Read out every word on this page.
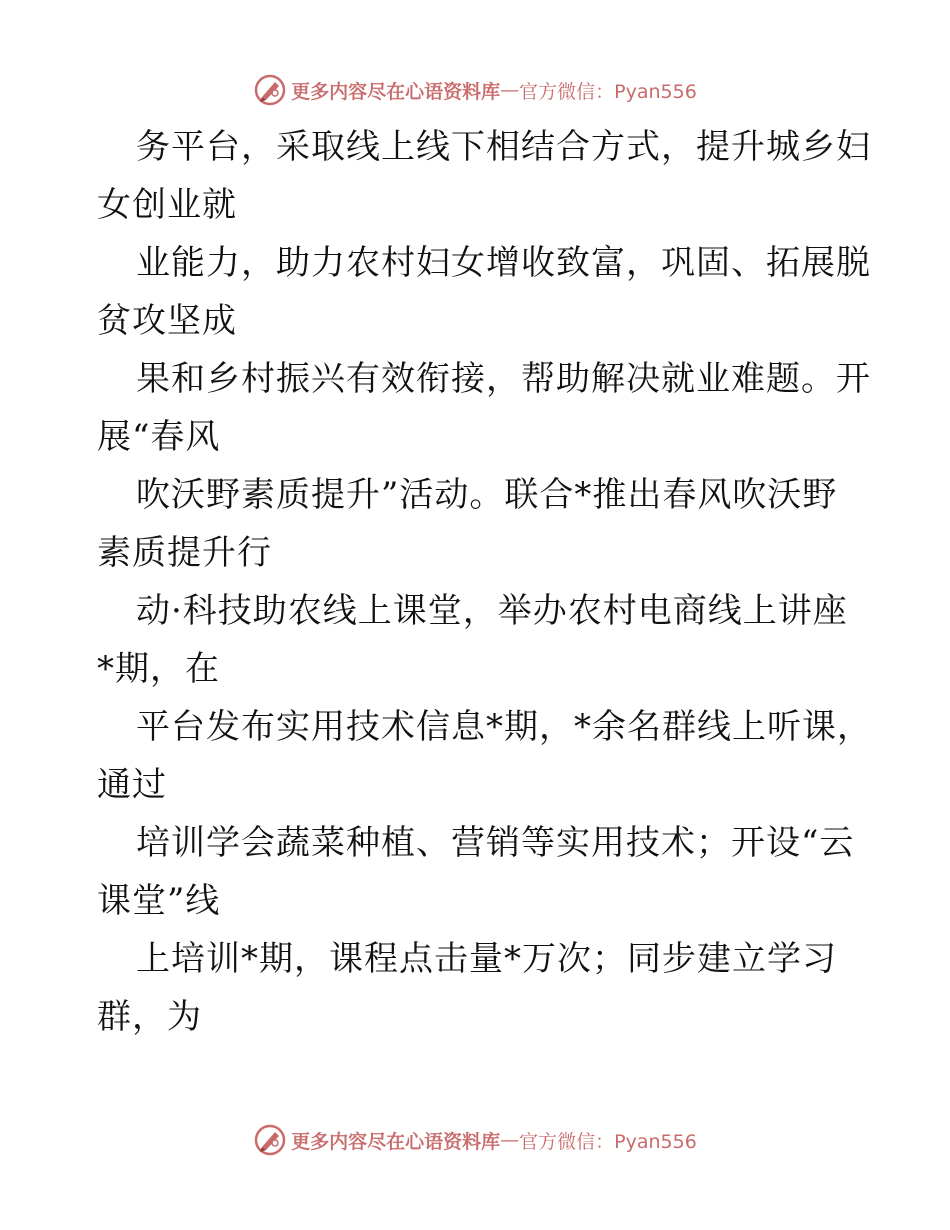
更多内容尽在心语资料库 — 官方微信：Pyan556
务平台，采取线上线下相结合方式，提升城乡妇
女创业就
业能力，助力农村妇女增收致富，巩固、拓展脱
贫攻坚成
果和乡村振兴有效衔接，帮助解决就业难题。开
展“春风
吹沃野素质提升”活动。联合*推出春风吹沃野
素质提升行
动·科技助农线上课堂，举办农村电商线上讲座
*期，在
平台发布实用技术信息*期，*余名群线上听课，
通过
培训学会蔬菜种植、营销等实用技术；开设“云
课堂”线
上培训*期，课程点击量*万次；同步建立学习
群，为
更多内容尽在心语资料库 — 官方微信：Pyan556
